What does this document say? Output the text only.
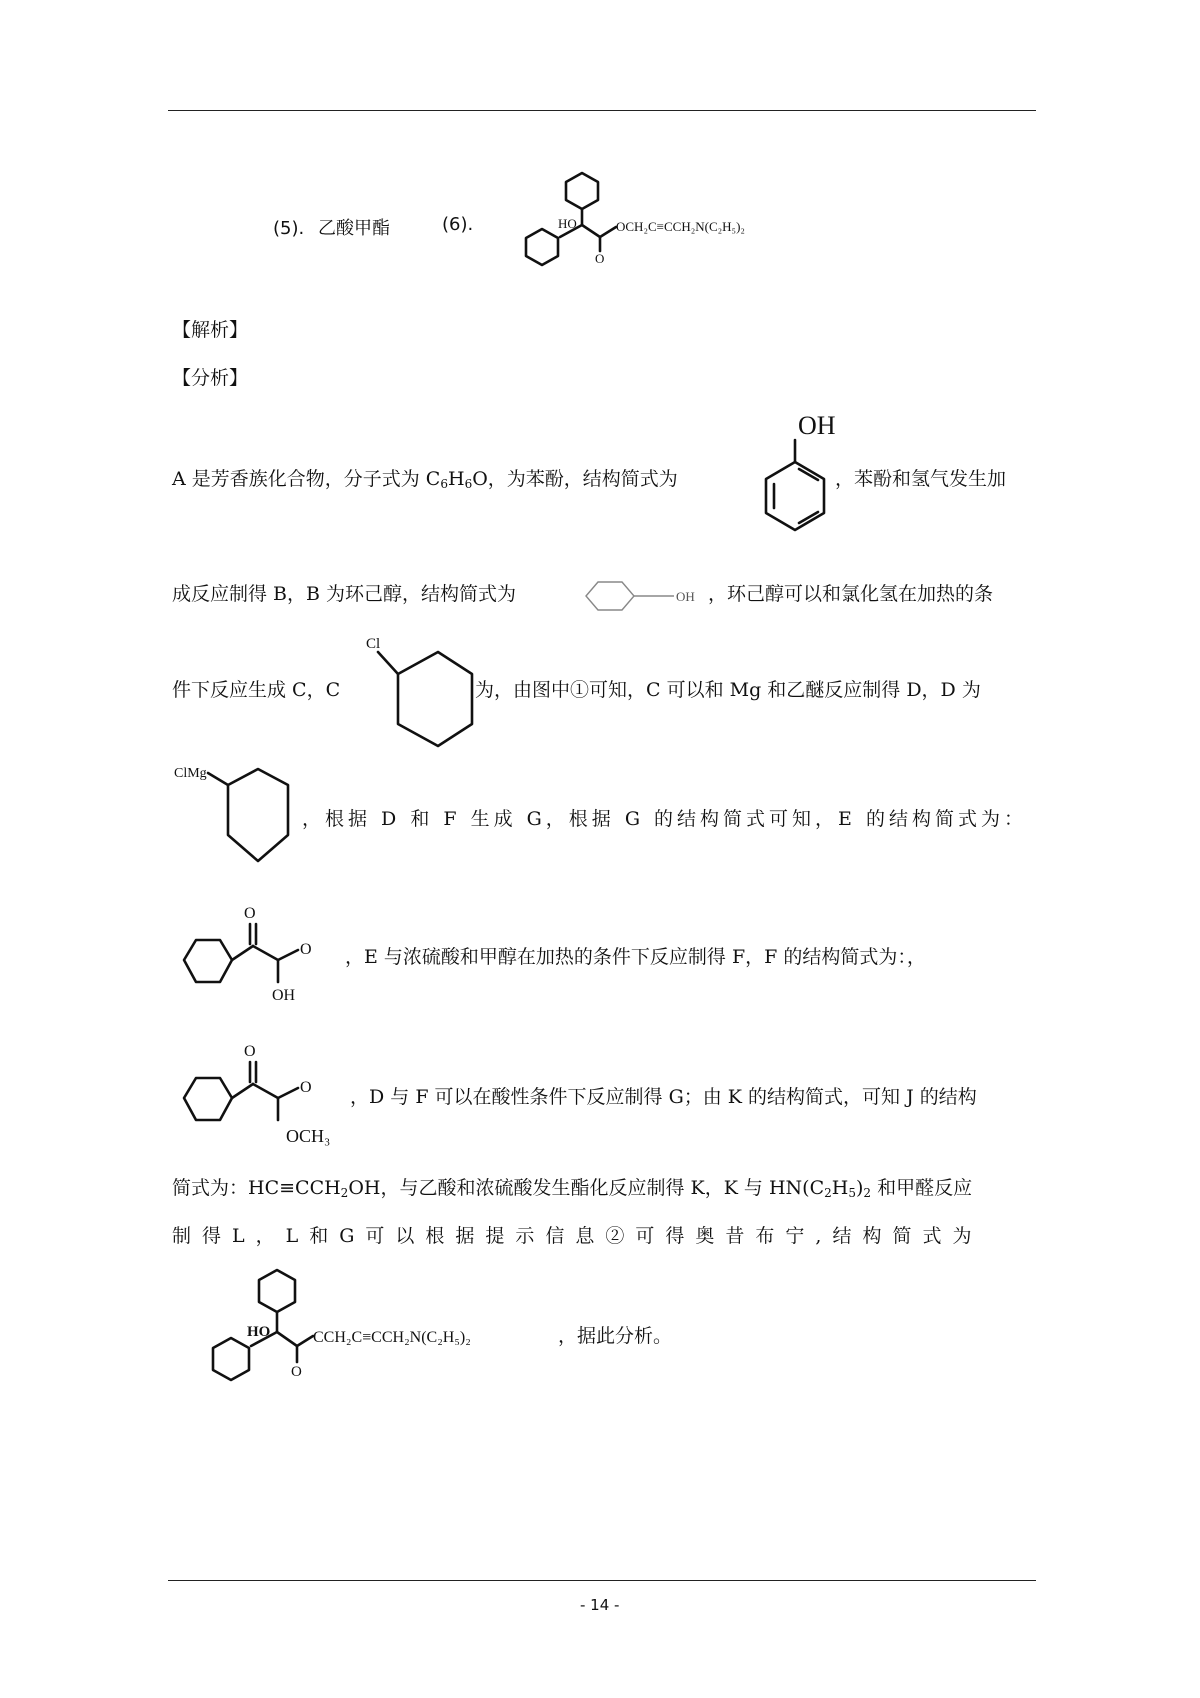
(5). 乙酸甲酯	(6).	HO
O
OCH₂C≡CCH₂N(C₂H₅)₂
【解析】
【分析】
A 是芳香族化合物，分子式为 $C_6H_6O$，为苯酚，结构简式为	，苯酚和氢气发生加
OH
成反应制得 B，B 为环己醇，结构简式为	OH ，环己醇可以和氯化氢在加热的条
件下反应生成 C，C
Cl
为，由图中①可知，C 可以和 Mg 和乙醚反应制得 D，D 为
ClMg
，根据 D 和 F 生成 G，根据 G 的结构简式可知，E 的结构简式为：
O
O
OH
，E 与浓硫酸和甲醇在加热的条件下反应制得 F，F 的结构简式为：，
O
O
OCH₃
，D 与 F 可以在酸性条件下反应制得 G；由 K 的结构简式，可知 J 的结构
简式为：$HC\equiv CCH_2OH$，与乙酸和浓硫酸发生酯化反应制得 K，K 与 $HN(C_2H_5)_2$ 和甲醛反应
制得L，L和G可以根据提示信息②可得奥昔布宁,结构简式为
HO
O
CCH₂C≡CCH₂N(C₂H₅)₂	，据此分析。
- 14 -
